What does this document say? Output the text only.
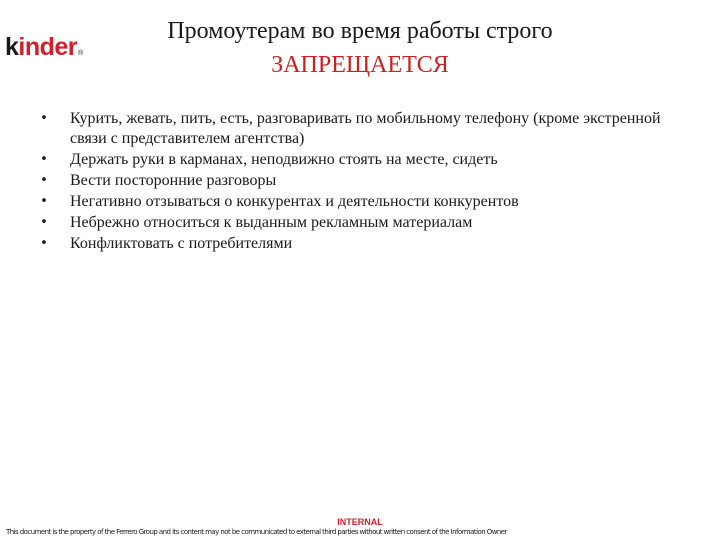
kinder ®
Промоутерам во время работы строго
ЗАПРЕЩАЕТСЯ
• Курить, жевать, пить, есть, разговаривать по мобильному телефону (кроме экстренной связи с представителем агентства)
• Держать руки в карманах, неподвижно стоять на месте, сидеть
• Вести посторонние разговоры
• Негативно отзываться о конкурентах и деятельности конкурентов
• Небрежно относиться к выданным рекламным материалам
• Конфликтовать с потребителями
INTERNAL
This document is the property of the Ferrero Group and its content may not be communicated to external third parties without written consent of the Information Owner
